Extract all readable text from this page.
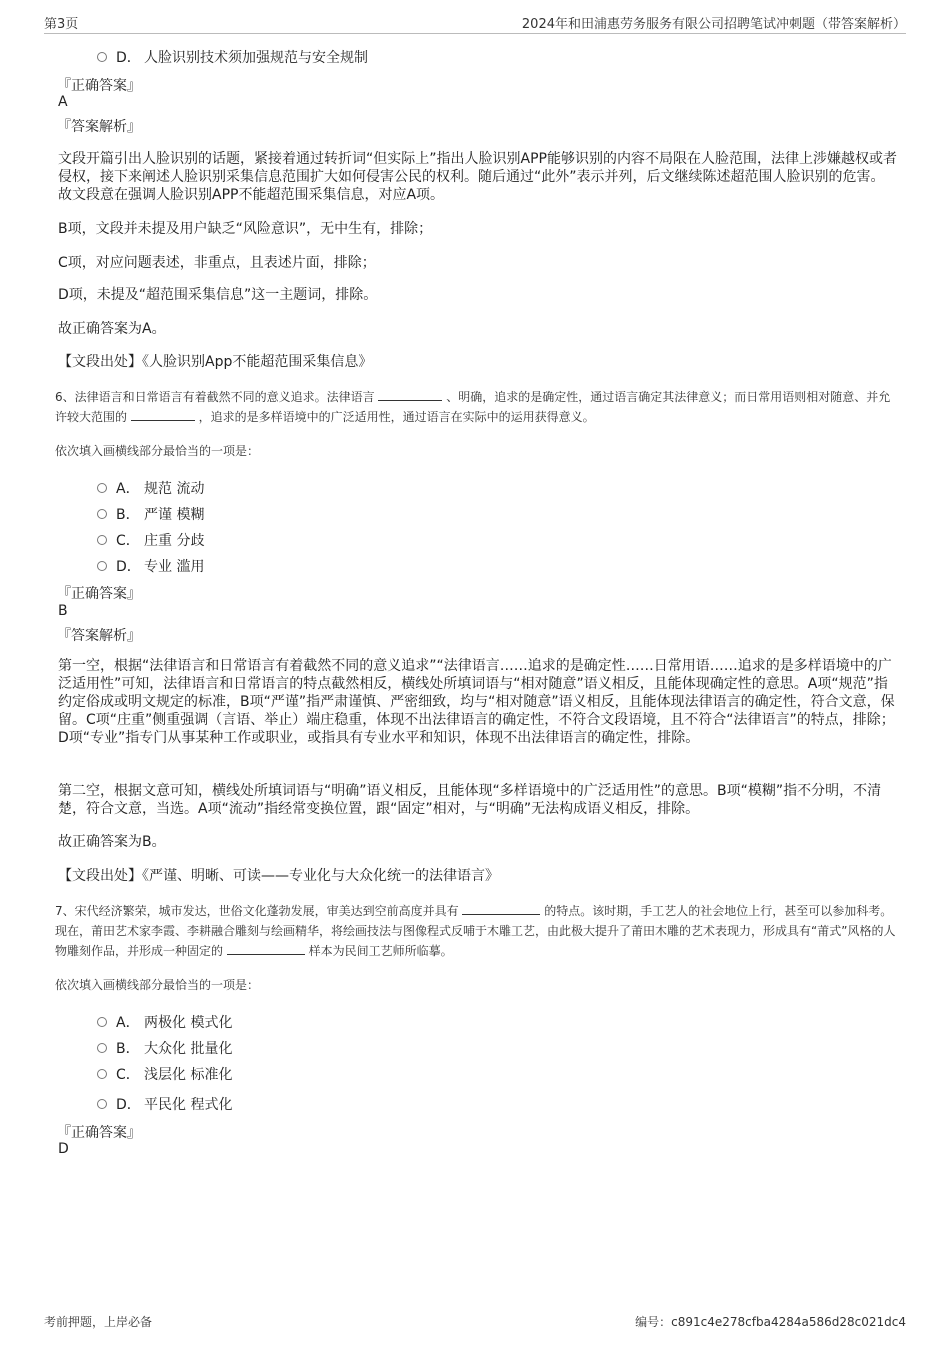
第3页	2024年和田浦惠劳务服务有限公司招聘笔试冲刺题（带答案解析）
D． 人脸识别技术须加强规范与安全规制
『正确答案』
A
『答案解析』
文段开篇引出人脸识别的话题，紧接着通过转折词“但实际上”指出人脸识别APP能够识别的内容不局限在人脸范围，法律上涉嫌越权或者侵权，接下来阐述人脸识别采集信息范围扩大如何侵害公民的权利。随后通过“此外”表示并列，后文继续陈述超范围人脸识别的危害。故文段意在强调人脸识别APP不能超范围采集信息，对应A项。
B项，文段并未提及用户缺乏“风险意识”，无中生有，排除；
C项，对应问题表述，非重点，且表述片面，排除；
D项，未提及“超范围采集信息”这一主题词，排除。
故正确答案为A。
【文段出处】《人脸识别App不能超范围采集信息》
6、法律语言和日常语言有着截然不同的意义追求。法律语言	、明确，追求的是确定性，通过语言确定其法律意义；而日常用语则相对随意、并允许较大范围的	，追求的是多样语境中的广泛适用性，通过语言在实际中的运用获得意义。
依次填入画横线部分最恰当的一项是：
A． 规范 流动
B． 严谨 模糊
C． 庄重 分歧
D． 专业 滥用
『正确答案』
B
『答案解析』
第一空，根据“法律语言和日常语言有着截然不同的意义追求”“法律语言……追求的是确定性……日常用语……追求的是多样语境中的广泛适用性”可知，法律语言和日常语言的特点截然相反，横线处所填词语与“相对随意”语义相反，且能体现确定性的意思。A项“规范”指约定俗成或明文规定的标准，B项“严谨”指严肃谨慎、严密细致，均与“相对随意”语义相反，且能体现法律语言的确定性，符合文意，保留。C项“庄重”侧重强调（言语、举止）端庄稳重，体现不出法律语言的确定性，不符合文段语境，且不符合“法律语言”的特点，排除；D项“专业”指专门从事某种工作或职业，或指具有专业水平和知识，体现不出法律语言的确定性，排除。
第二空，根据文意可知，横线处所填词语与“明确”语义相反，且能体现“多样语境中的广泛适用性”的意思。B项“模糊”指不分明，不清楚，符合文意，当选。A项“流动”指经常变换位置，跟“固定”相对，与“明确”无法构成语义相反，排除。
故正确答案为B。
【文段出处】《严谨、明晰、可读——专业化与大众化统一的法律语言》
7、宋代经济繁荣，城市发达，世俗文化蓬勃发展，审美达到空前高度并具有	的特点。该时期，手工艺人的社会地位上行，甚至可以参加科考。现在，莆田艺术家李霞、李耕融合雕刻与绘画精华，将绘画技法与图像程式反哺于木雕工艺，由此极大提升了莆田木雕的艺术表现力，形成具有“莆式”风格的人物雕刻作品，并形成一种固定的	样本为民间工艺师所临摹。
依次填入画横线部分最恰当的一项是：
A． 两极化 模式化
B． 大众化 批量化
C． 浅层化 标准化
D． 平民化 程式化
『正确答案』
D
考前押题，上岸必备	编号：c891c4e278cfba4284a586d28c021dc4
